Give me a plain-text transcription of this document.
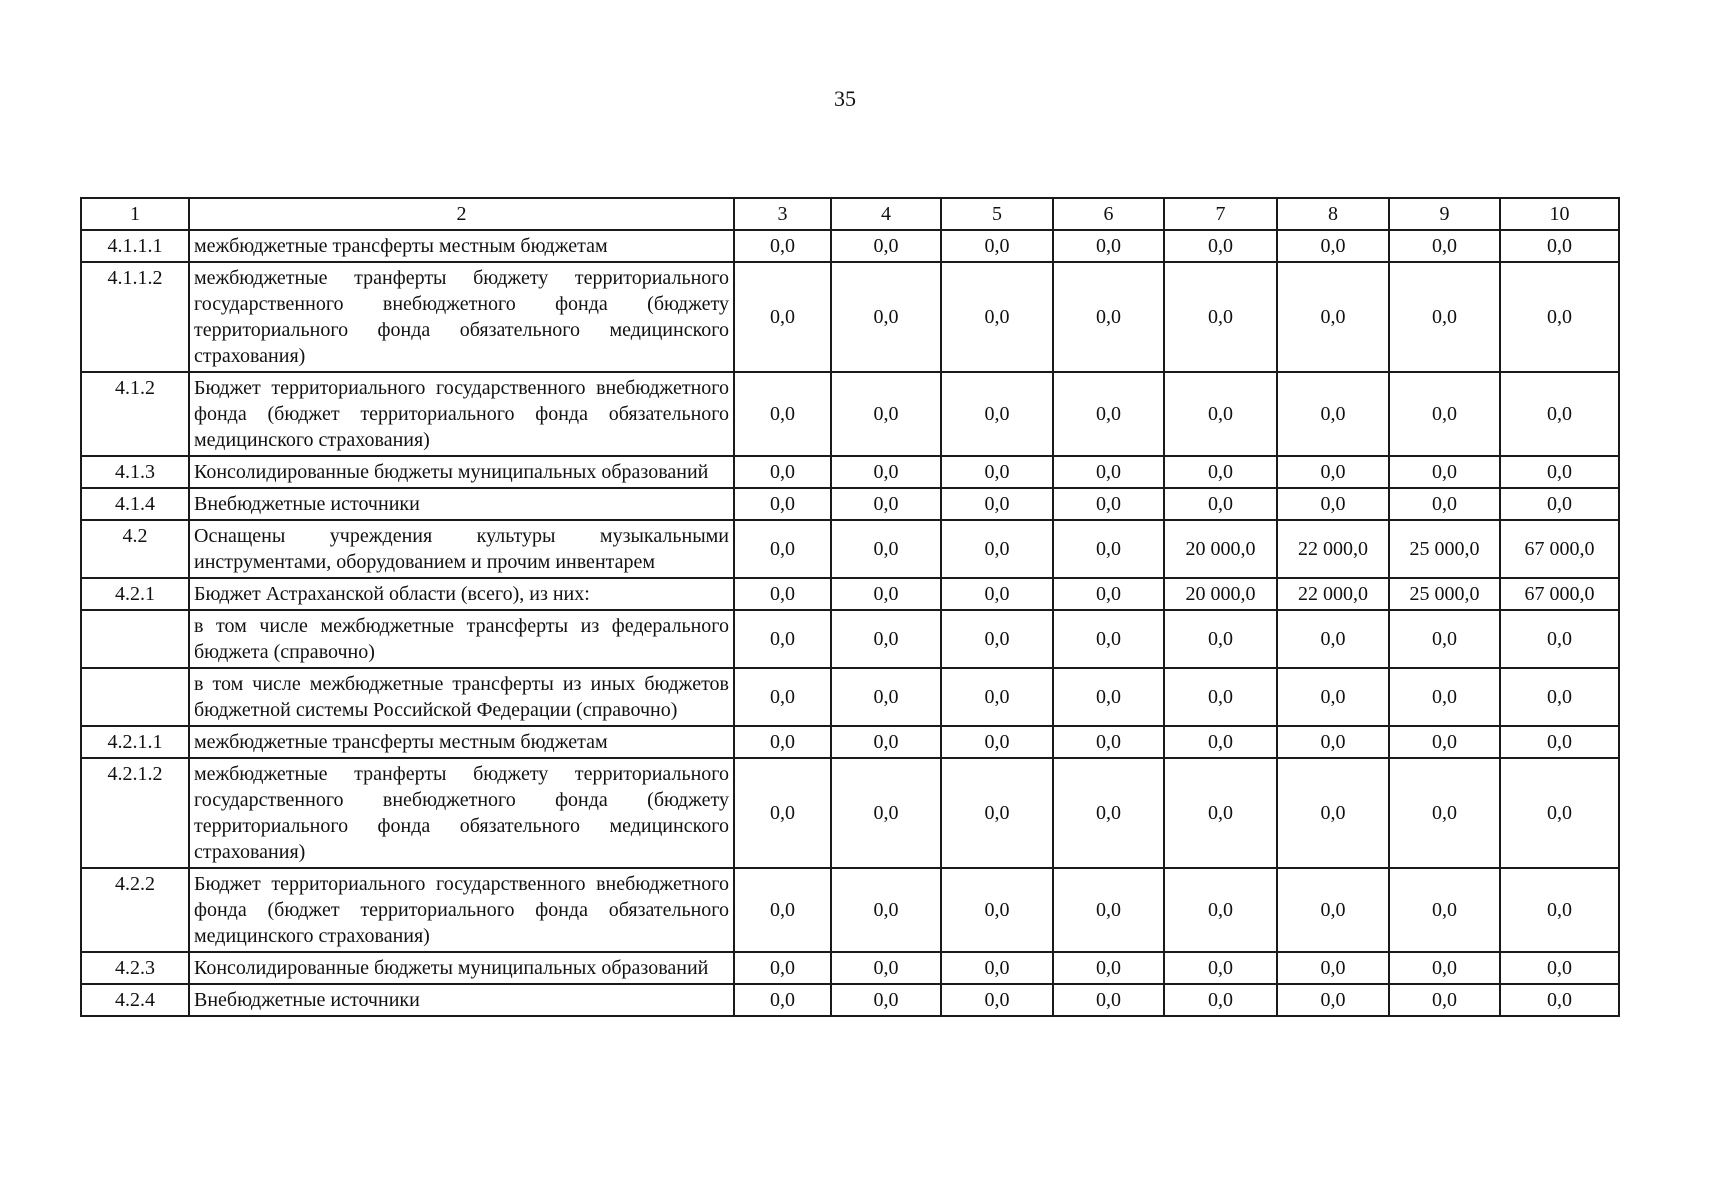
35
1	2	3	4	5	6	7	8	9	10
4.1.1.1	межбюджетные трансферты местным бюджетам	0,0	0,0	0,0	0,0	0,0	0,0	0,0	0,0
4.1.1.2	межбюджетные транферты бюджету территориального государственного внебюджетного фонда (бюджету территориального фонда обязательного медицинского страхования)	0,0	0,0	0,0	0,0	0,0	0,0	0,0	0,0
4.1.2	Бюджет территориального государственного внебюджетного фонда (бюджет территориального фонда обязательного медицинского страхования)	0,0	0,0	0,0	0,0	0,0	0,0	0,0	0,0
4.1.3	Консолидированные бюджеты муниципальных образований	0,0	0,0	0,0	0,0	0,0	0,0	0,0	0,0
4.1.4	Внебюджетные источники	0,0	0,0	0,0	0,0	0,0	0,0	0,0	0,0
4.2	Оснащены учреждения культуры музыкальными инструментами, оборудованием и прочим инвентарем	0,0	0,0	0,0	0,0	20 000,0	22 000,0	25 000,0	67 000,0
4.2.1	Бюджет Астраханской области (всего), из них:	0,0	0,0	0,0	0,0	20 000,0	22 000,0	25 000,0	67 000,0
	в том числе межбюджетные трансферты из федерального бюджета (справочно)	0,0	0,0	0,0	0,0	0,0	0,0	0,0	0,0
	в том числе межбюджетные трансферты из иных бюджетов бюджетной системы Российской Федерации (справочно)	0,0	0,0	0,0	0,0	0,0	0,0	0,0	0,0
4.2.1.1	межбюджетные трансферты местным бюджетам	0,0	0,0	0,0	0,0	0,0	0,0	0,0	0,0
4.2.1.2	межбюджетные транферты бюджету территориального государственного внебюджетного фонда (бюджету территориального фонда обязательного медицинского страхования)	0,0	0,0	0,0	0,0	0,0	0,0	0,0	0,0
4.2.2	Бюджет территориального государственного внебюджетного фонда (бюджет территориального фонда обязательного медицинского страхования)	0,0	0,0	0,0	0,0	0,0	0,0	0,0	0,0
4.2.3	Консолидированные бюджеты муниципальных образований	0,0	0,0	0,0	0,0	0,0	0,0	0,0	0,0
4.2.4	Внебюджетные источники	0,0	0,0	0,0	0,0	0,0	0,0	0,0	0,0
